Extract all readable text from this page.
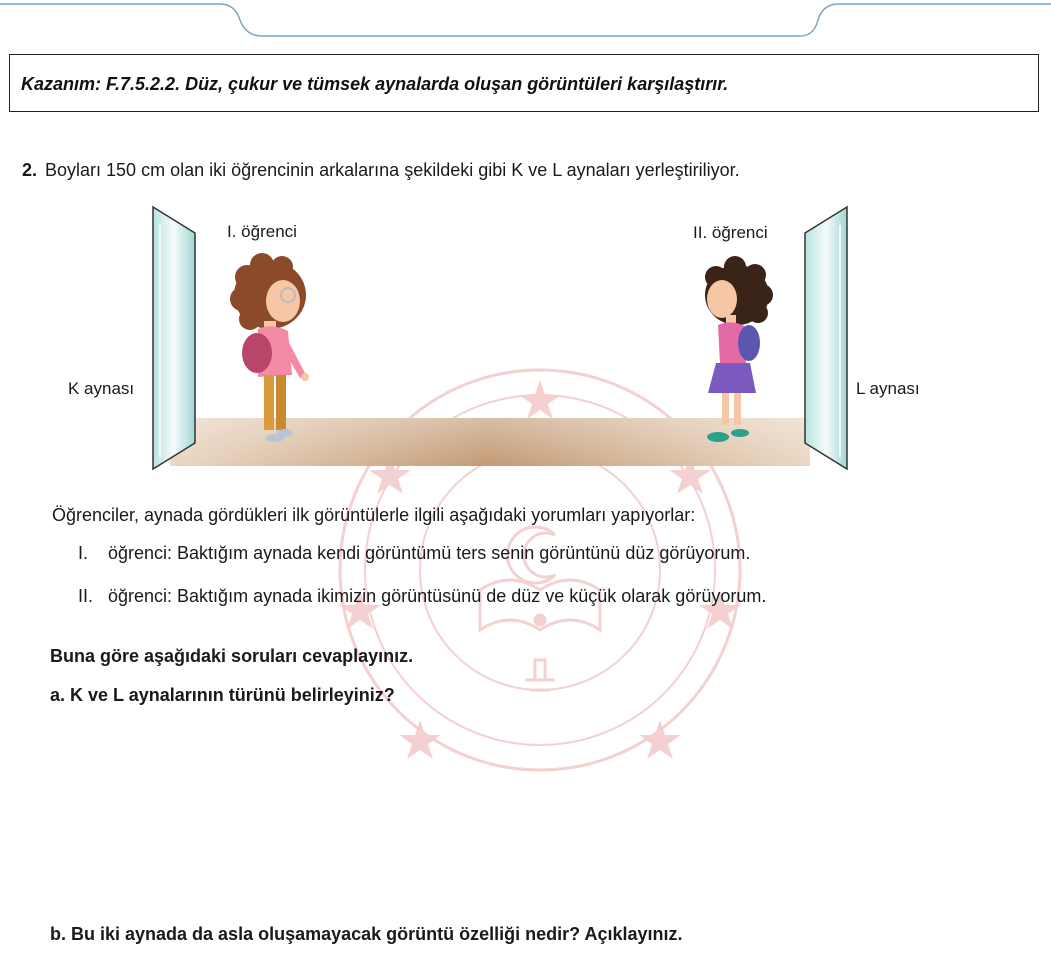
Kazanım: F.7.5.2.2. Düz, çukur ve tümsek aynalarda oluşan görüntüleri karşılaştırır.
2. Boyları 150 cm olan iki öğrencinin arkalarına şekildeki gibi K ve L aynaları yerleştiriliyor.
I. öğrenci	II. öğrenci
K aynası	L aynası
Öğrenciler, aynada gördükleri ilk görüntülerle ilgili aşağıdaki yorumları yapıyorlar:
I. öğrenci: Baktığım aynada kendi görüntümü ters senin görüntünü düz görüyorum.
II. öğrenci: Baktığım aynada ikimizin görüntüsünü de düz ve küçük olarak görüyorum.
Buna göre aşağıdaki soruları cevaplayınız.
a. K ve L aynalarının türünü belirleyiniz?
b. Bu iki aynada da asla oluşamayacak görüntü özelliği nedir? Açıklayınız.
